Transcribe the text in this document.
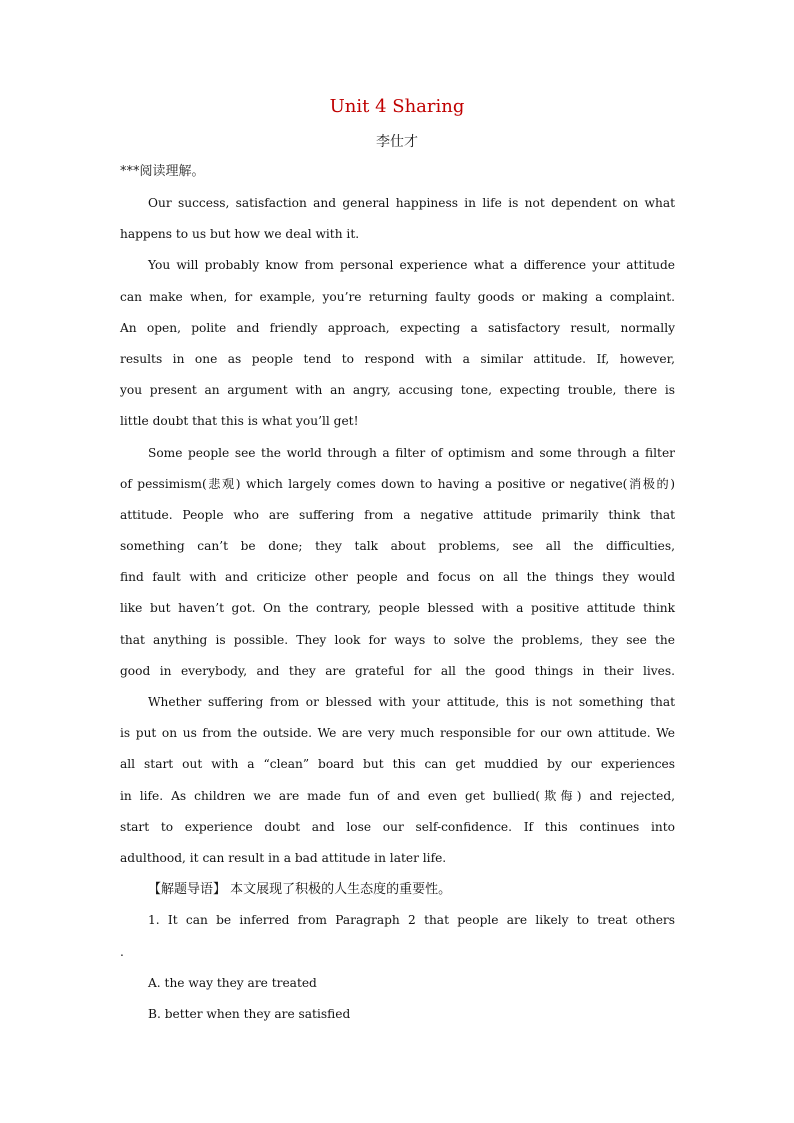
Unit 4 Sharing
李仕才
***阅读理解。
Our success, satisfaction and general happiness in life is not dependent on what
happens to us but how we deal with it.
You will probably know from personal experience what a difference your attitude
can make when, for example, you’re returning faulty goods or making a complaint.
An open, polite and friendly approach, expecting a satisfactory result, normally
results in one as people tend to respond with a similar attitude. If, however,
you present an argument with an angry, accusing tone, expecting trouble, there is
little doubt that this is what you’ll get!
Some people see the world through a filter of optimism and some through a filter
of pessimism(悲观) which largely comes down to having a positive or negative(消极的)
attitude. People who are suffering from a negative attitude primarily think that
something can’t be done; they talk about problems, see all the difficulties,
find fault with and criticize other people and focus on all the things they would
like but haven’t got. On the contrary, people blessed with a positive attitude think
that anything is possible. They look for ways to solve the problems, they see the
good in everybody, and they are grateful for all the good things in their lives.
Whether suffering from or blessed with your attitude, this is not something that
is put on us from the outside. We are very much responsible for our own attitude. We
all start out with a “clean” board but this can get muddied by our experiences
in life. As children we are made fun of and even get bullied(欺侮) and rejected,
start to experience doubt and lose our self-confidence. If this continues into
adulthood, it can result in a bad attitude in later life.
【解题导语】 本文展现了积极的人生态度的重要性。
1. It can be inferred from Paragraph 2 that people are likely to treat others
.
A. the way they are treated
B. better when they are satisfied
